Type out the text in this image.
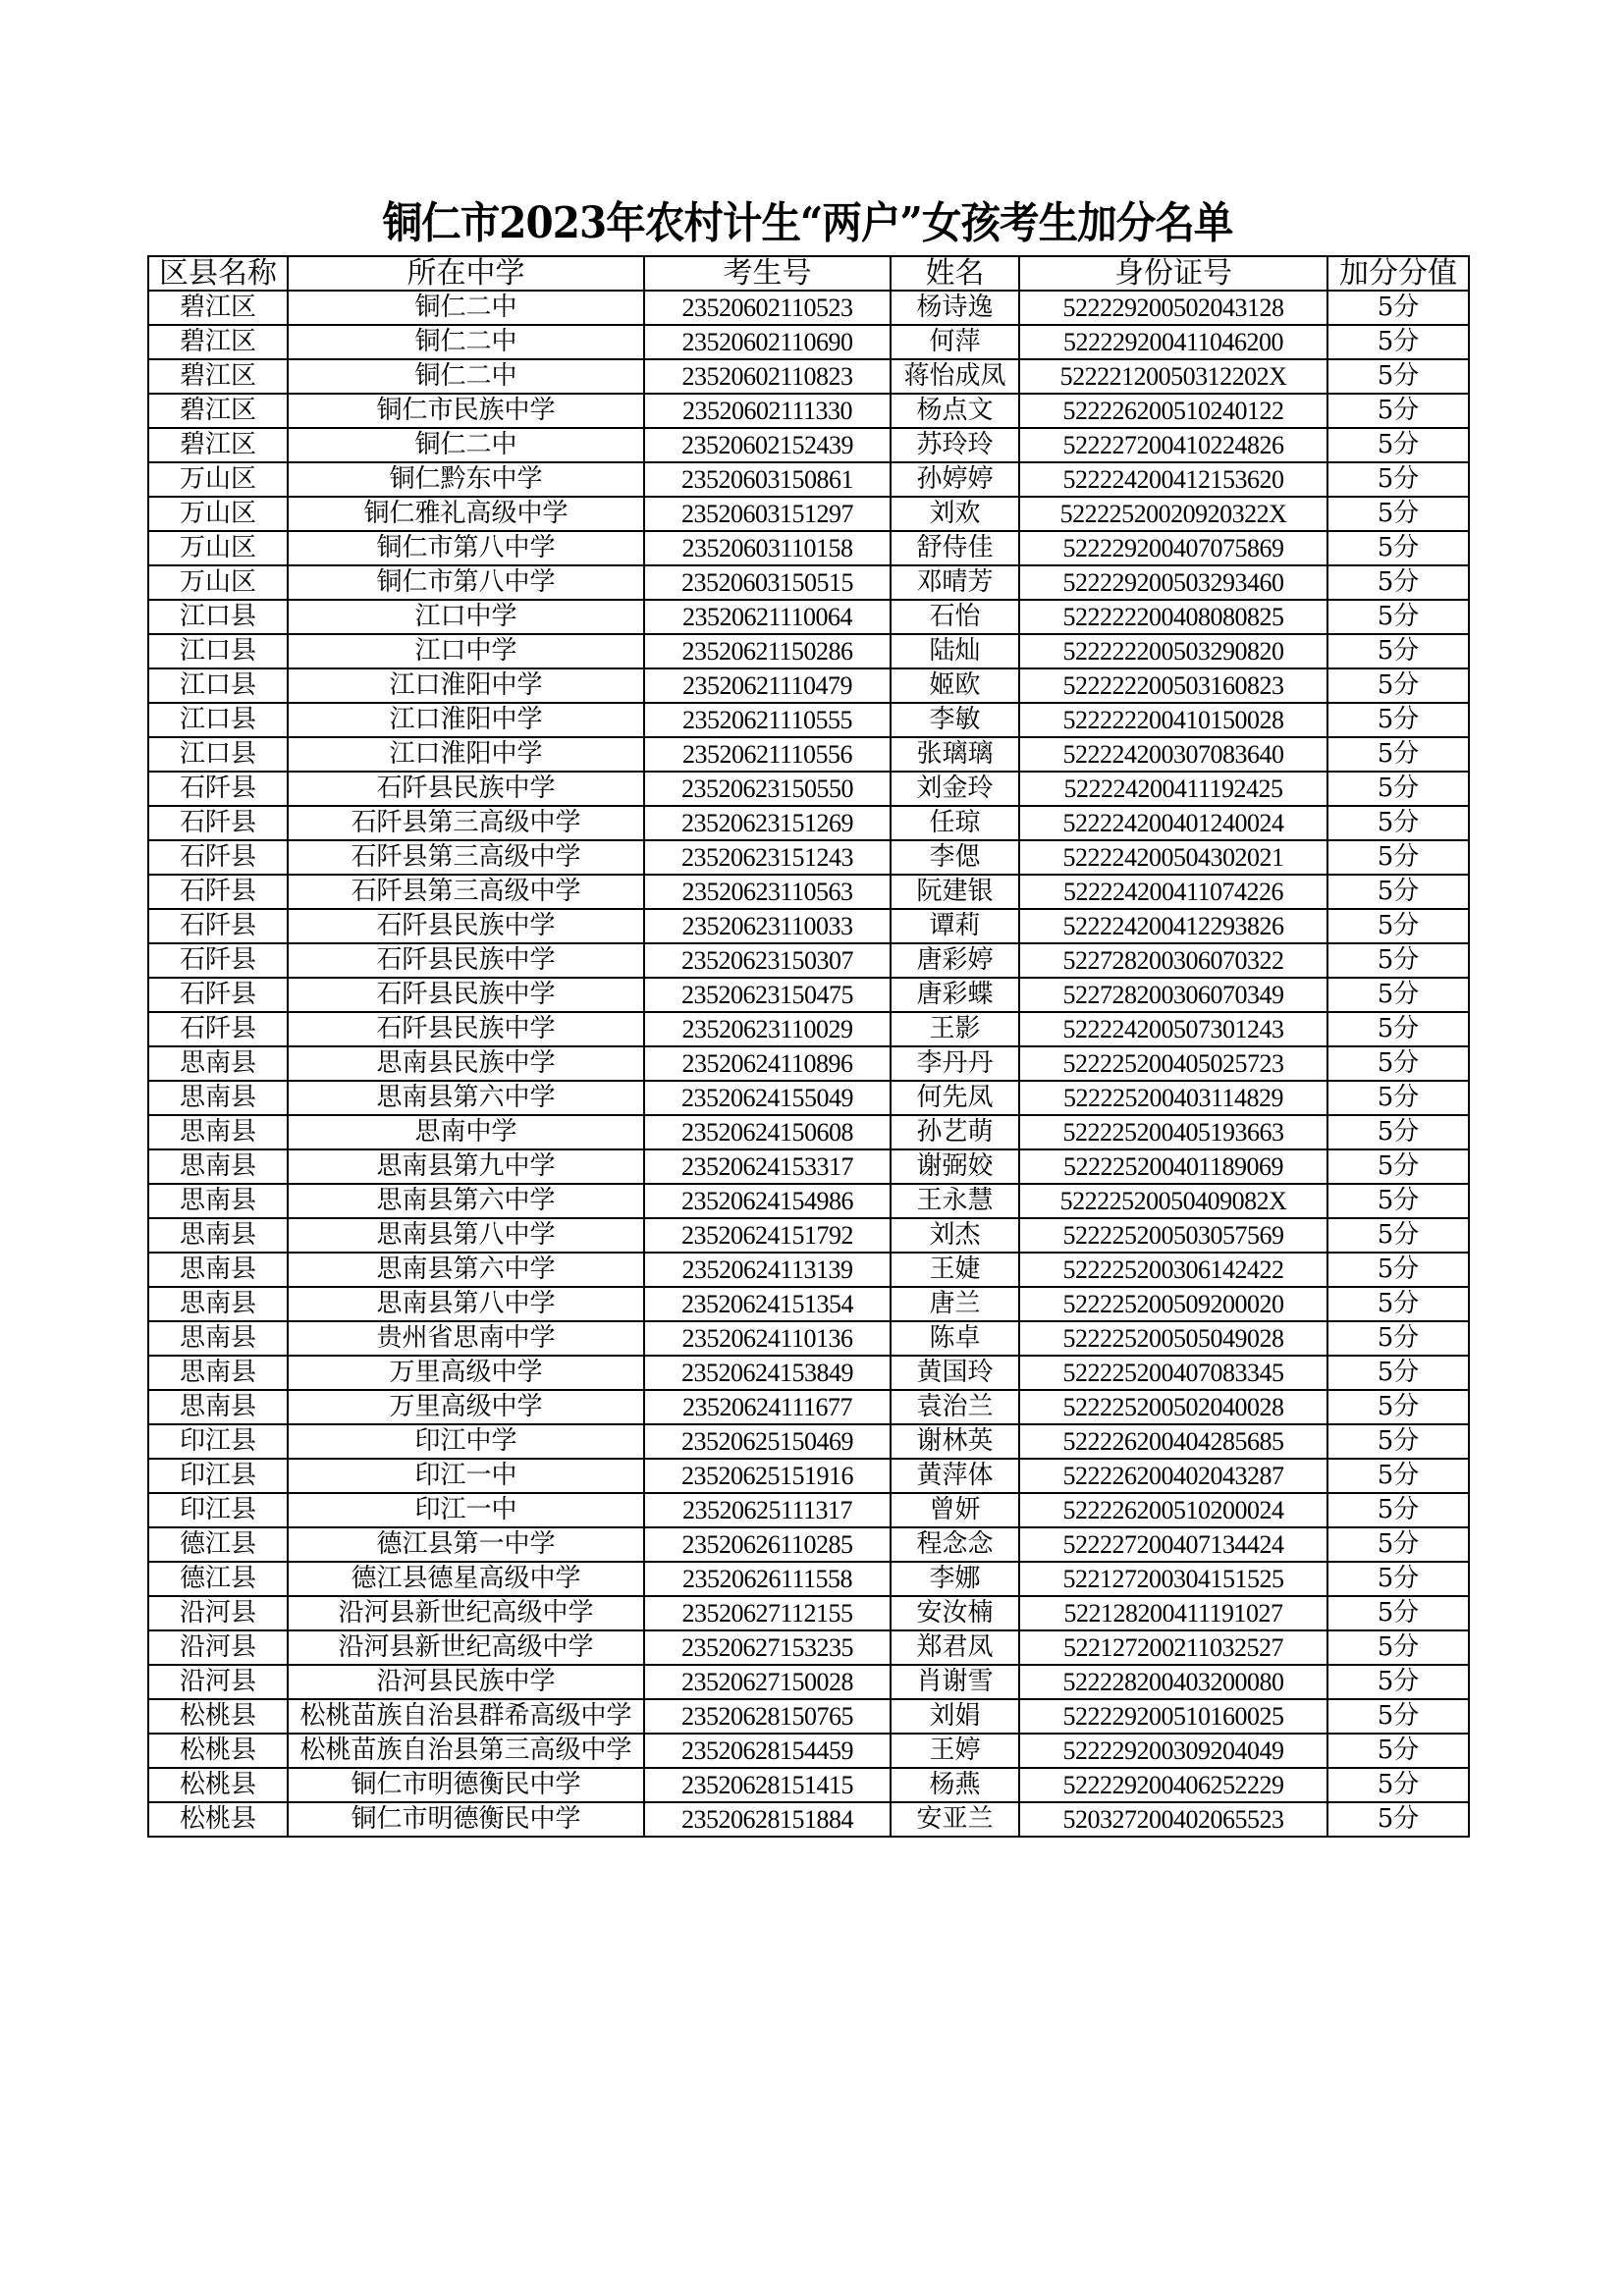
铜仁市2023年农村计生“两户”女孩考生加分名单
区县名称	所在中学	考生号	姓名	身份证号	加分分值
碧江区	铜仁二中	23520602110523	杨诗逸	522229200502043128	5分
碧江区	铜仁二中	23520602110690	何萍	522229200411046200	5分
碧江区	铜仁二中	23520602110823	蒋怡成凤	52222120050312202X	5分
碧江区	铜仁市民族中学	23520602111330	杨点文	522226200510240122	5分
碧江区	铜仁二中	23520602152439	苏玲玲	522227200410224826	5分
万山区	铜仁黔东中学	23520603150861	孙婷婷	522224200412153620	5分
万山区	铜仁雅礼高级中学	23520603151297	刘欢	52222520020920322X	5分
万山区	铜仁市第八中学	23520603110158	舒侍佳	522229200407075869	5分
万山区	铜仁市第八中学	23520603150515	邓晴芳	522229200503293460	5分
江口县	江口中学	23520621110064	石怡	522222200408080825	5分
江口县	江口中学	23520621150286	陆灿	522222200503290820	5分
江口县	江口淮阳中学	23520621110479	姬欧	522222200503160823	5分
江口县	江口淮阳中学	23520621110555	李敏	522222200410150028	5分
江口县	江口淮阳中学	23520621110556	张璃璃	522224200307083640	5分
石阡县	石阡县民族中学	23520623150550	刘金玲	522224200411192425	5分
石阡县	石阡县第三高级中学	23520623151269	任琼	522224200401240024	5分
石阡县	石阡县第三高级中学	23520623151243	李偲	522224200504302021	5分
石阡县	石阡县第三高级中学	23520623110563	阮建银	522224200411074226	5分
石阡县	石阡县民族中学	23520623110033	谭莉	522224200412293826	5分
石阡县	石阡县民族中学	23520623150307	唐彩婷	522728200306070322	5分
石阡县	石阡县民族中学	23520623150475	唐彩蝶	522728200306070349	5分
石阡县	石阡县民族中学	23520623110029	王影	522224200507301243	5分
思南县	思南县民族中学	23520624110896	李丹丹	522225200405025723	5分
思南县	思南县第六中学	23520624155049	何先凤	522225200403114829	5分
思南县	思南中学	23520624150608	孙艺萌	522225200405193663	5分
思南县	思南县第九中学	23520624153317	谢弼姣	522225200401189069	5分
思南县	思南县第六中学	23520624154986	王永慧	52222520050409082X	5分
思南县	思南县第八中学	23520624151792	刘杰	522225200503057569	5分
思南县	思南县第六中学	23520624113139	王婕	522225200306142422	5分
思南县	思南县第八中学	23520624151354	唐兰	522225200509200020	5分
思南县	贵州省思南中学	23520624110136	陈卓	522225200505049028	5分
思南县	万里高级中学	23520624153849	黄国玲	522225200407083345	5分
思南县	万里高级中学	23520624111677	袁治兰	522225200502040028	5分
印江县	印江中学	23520625150469	谢林英	522226200404285685	5分
印江县	印江一中	23520625151916	黄萍体	522226200402043287	5分
印江县	印江一中	23520625111317	曾妍	522226200510200024	5分
德江县	德江县第一中学	23520626110285	程念念	522227200407134424	5分
德江县	德江县德星高级中学	23520626111558	李娜	522127200304151525	5分
沿河县	沿河县新世纪高级中学	23520627112155	安汝楠	522128200411191027	5分
沿河县	沿河县新世纪高级中学	23520627153235	郑君凤	522127200211032527	5分
沿河县	沿河县民族中学	23520627150028	肖谢雪	522228200403200080	5分
松桃县	松桃苗族自治县群希高级中学	23520628150765	刘娟	522229200510160025	5分
松桃县	松桃苗族自治县第三高级中学	23520628154459	王婷	522229200309204049	5分
松桃县	铜仁市明德衡民中学	23520628151415	杨燕	522229200406252229	5分
松桃县	铜仁市明德衡民中学	23520628151884	安亚兰	520327200402065523	5分
